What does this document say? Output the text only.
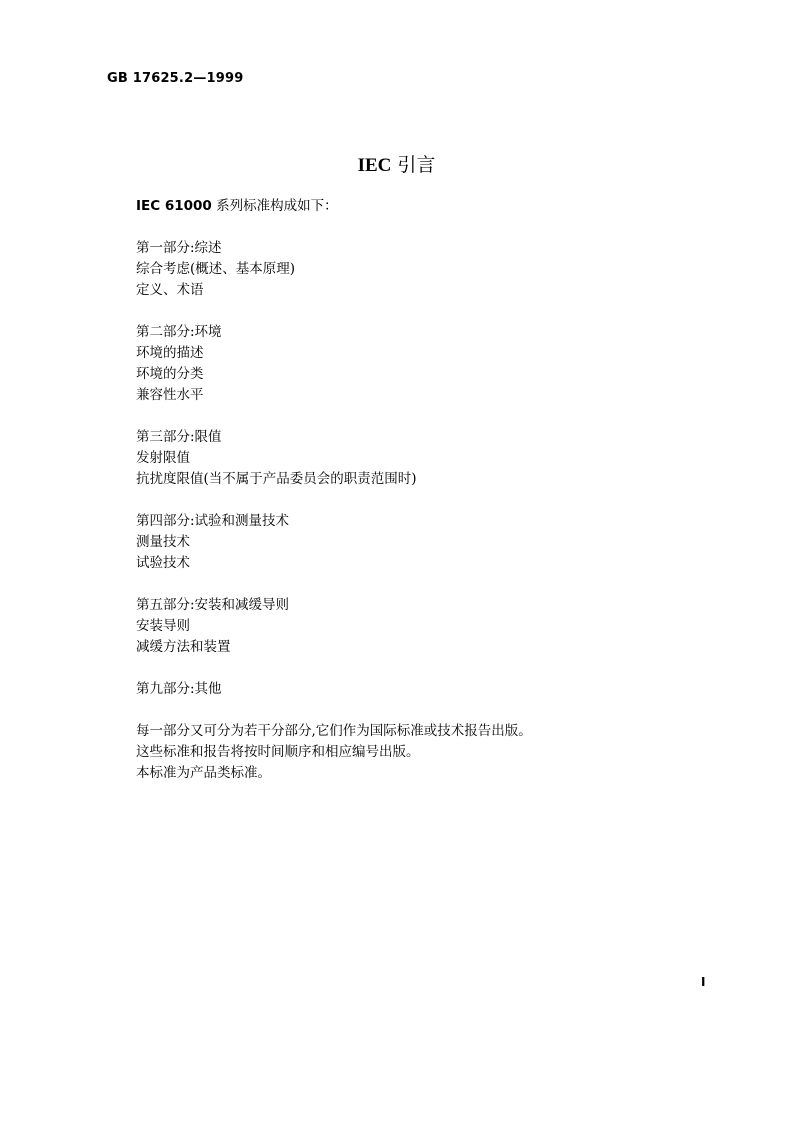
GB 17625.2—1999
IEC 引言
IEC 61000 系列标准构成如下：
第一部分:综述
综合考虑(概述、基本原理)
定义、术语
第二部分:环境
环境的描述
环境的分类
兼容性水平
第三部分:限值
发射限值
抗扰度限值(当不属于产品委员会的职责范围时)
第四部分:试验和测量技术
测量技术
试验技术
第五部分:安装和减缓导则
安装导则
减缓方法和装置
第九部分:其他
每一部分又可分为若干分部分,它们作为国际标准或技术报告出版。
这些标准和报告将按时间顺序和相应编号出版。
本标准为产品类标准。
I
